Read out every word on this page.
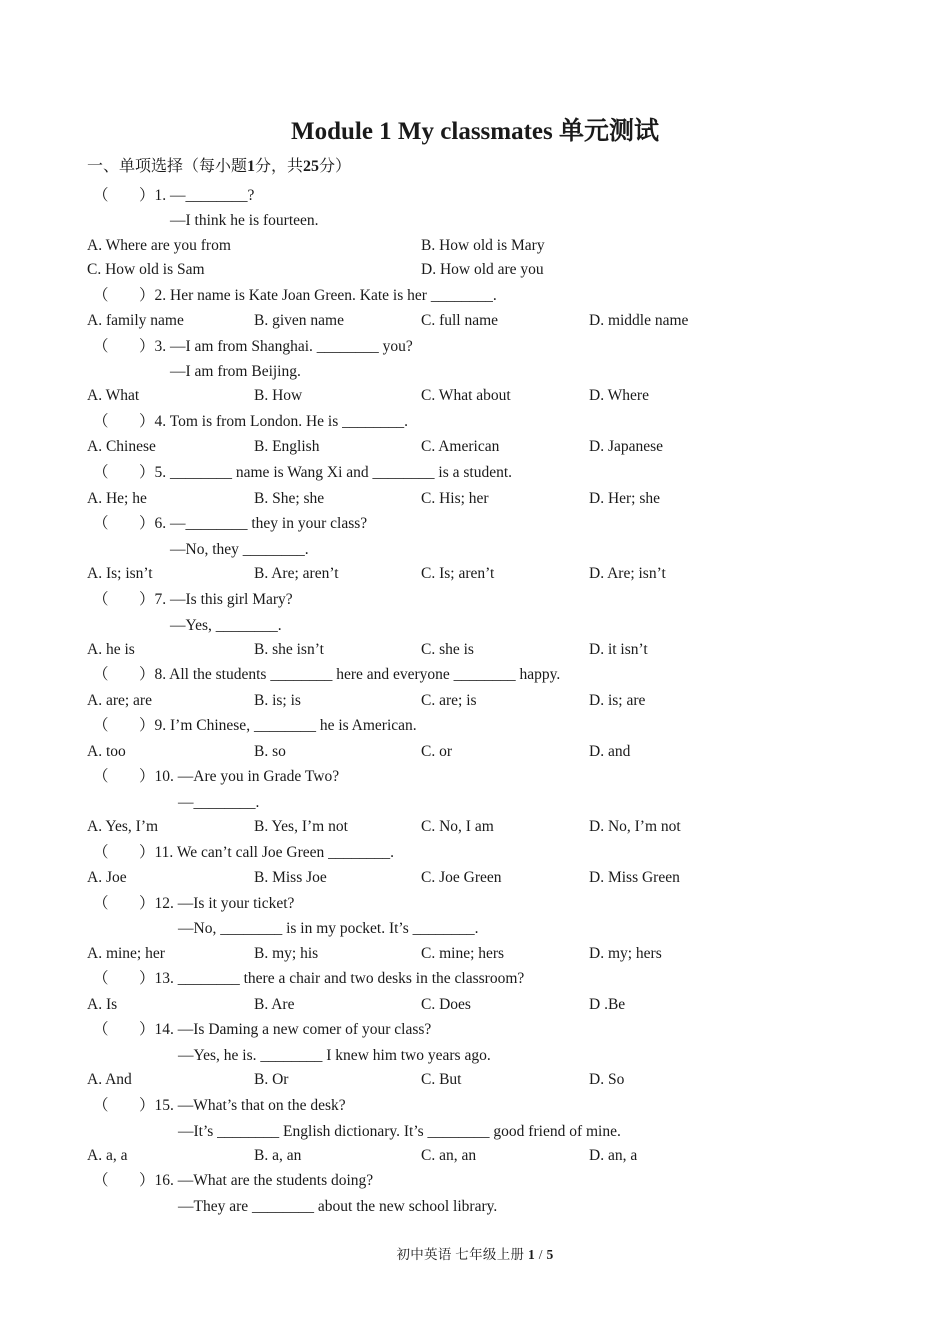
Module 1 My classmates 单元测试
一、单项选择（每小题1分，共25分）
（ ）1. —________?
—I think he is fourteen.
A. Where are you from	B. How old is Mary
C. How old is Sam	D. How old are you
（ ）2. Her name is Kate Joan Green. Kate is her ________.
A. family name	B. given name	C. full name	D. middle name
（ ）3. —I am from Shanghai. ________ you?
—I am from Beijing.
A. What	B. How	C. What about	D. Where
（ ）4. Tom is from London. He is ________.
A. Chinese	B. English	C. American	D. Japanese
（ ）5. ________ name is Wang Xi and ________ is a student.
A. He; he	B. She; she	C. His; her	D. Her; she
（ ）6. —________ they in your class?
—No, they ________.
A. Is; isn’t	B. Are; aren’t	C. Is; aren’t	D. Are; isn’t
（ ）7. —Is this girl Mary?
—Yes, ________.
A. he is	B. she isn’t	C. she is	D. it isn’t
（ ）8. All the students ________ here and everyone ________ happy.
A. are; are	B. is; is	C. are; is	D. is; are
（ ）9. I’m Chinese, ________ he is American.
A. too	B. so	C. or	D. and
（ ）10. —Are you in Grade Two?
—________.
A. Yes, I’m	B. Yes, I’m not	C. No, I am	D. No, I’m not
（ ）11. We can’t call Joe Green ________.
A. Joe	B. Miss Joe	C. Joe Green	D. Miss Green
（ ）12. —Is it your ticket?
—No, ________ is in my pocket. It’s ________.
A. mine; her	B. my; his	C. mine; hers	D. my; hers
（ ）13. ________ there a chair and two desks in the classroom?
A. Is	B. Are	C. Does	D .Be
（ ）14. —Is Daming a new comer of your class?
—Yes, he is. ________ I knew him two years ago.
A. And	B. Or	C. But	D. So
（ ）15. —What’s that on the desk?
—It’s ________ English dictionary. It’s ________ good friend of mine.
A. a, a	B. a, an	C. an, an	D. an, a
（ ）16. —What are the students doing?
—They are ________ about the new school library.
初中英语 七年级上册 1 / 5
